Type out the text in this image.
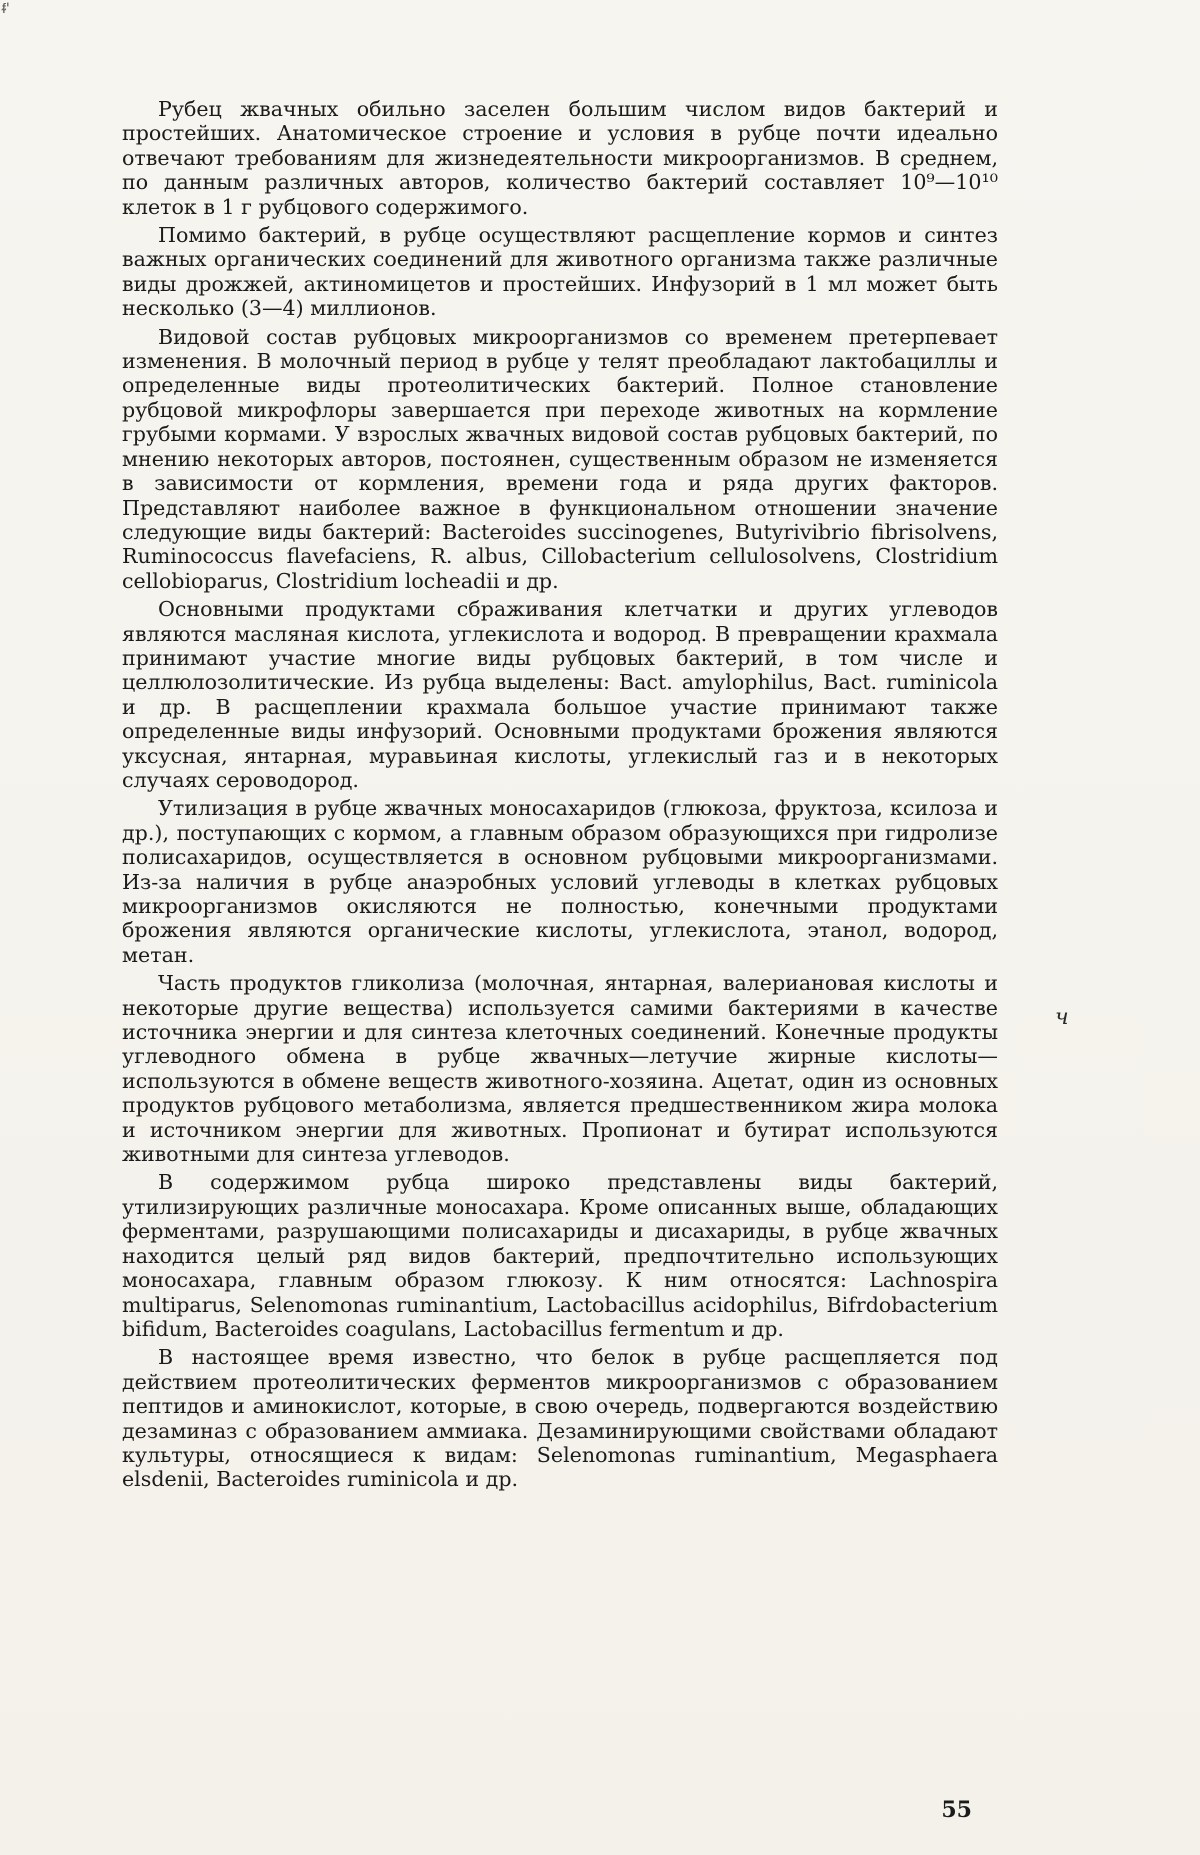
ᵮ'

Рубец жвачных обильно заселен большим числом видов бактерий и простейших. Анатомическое строение и условия в рубце почти идеально отвечают требованиям для жизнедеятельности микроорганизмов. В среднем, по данным различных авторов, количество бактерий составляет 10⁹—10¹⁰ клеток в 1 г рубцового содержимого.

Помимо бактерий, в рубце осуществляют расщепление кормов и синтез важных органических соединений для животного организма также различные виды дрожжей, актиномицетов и простейших. Инфузорий в 1 мл может быть несколько (3—4) миллионов.

Видовой состав рубцовых микроорганизмов со временем претерпевает изменения. В молочный период в рубце у телят преобладают лактобациллы и определенные виды протеолитических бактерий. Полное становление рубцовой микрофлоры завершается при переходе животных на кормление грубыми кормами. У взрослых жвачных видовой состав рубцовых бактерий, по мнению некоторых авторов, постоянен, существенным образом не изменяется в зависимости от кормления, времени года и ряда других факторов. Представляют наиболее важное в функциональном отношении значение следующие виды бактерий: Bacteroides succinogenes, Butyrivibrio fibrisolvens, Ruminococcus flavefaciens, R. albus, Cillobacterium cellulosolvens, Clostridium cellobioparus, Clostridium locheadii и др.

Основными продуктами сбраживания клетчатки и других углеводов являются масляная кислота, углекислота и водород. В превращении крахмала принимают участие многие виды рубцовых бактерий, в том числе и целлюлозолитические. Из рубца выделены: Bact. amylophilus, Bact. ruminicola и др. В расщеплении крахмала большое участие принимают также определенные виды инфузорий. Основными продуктами брожения являются уксусная, янтарная, муравьиная кислоты, углекислый газ и в некоторых случаях сероводород.

Утилизация в рубце жвачных моносахаридов (глюкоза, фруктоза, ксилоза и др.), поступающих с кормом, а главным образом образующихся при гидролизе полисахаридов, осуществляется в основном рубцовыми микроорганизмами. Из-за наличия в рубце анаэробных условий углеводы в клетках рубцовых микроорганизмов окисляются не полностью, конечными продуктами брожения являются органические кислоты, углекислота, этанол, водород, метан.

Часть продуктов гликолиза (молочная, янтарная, валериановая кислоты и некоторые другие вещества) используется самими бактериями в качестве источника энергии и для синтеза клеточных соединений. Конечные продукты углеводного обмена в рубце жвачных—летучие жирные кислоты—используются в обмене веществ животного-хозяина. Ацетат, один из основных продуктов рубцового метаболизма, является предшественником жира молока и источником энергии для животных. Пропионат и бутират используются животными для синтеза углеводов.

В содержимом рубца широко представлены виды бактерий, утилизирующих различные моносахара. Кроме описанных выше, обладающих ферментами, разрушающими полисахариды и дисахариды, в рубце жвачных находится целый ряд видов бактерий, предпочтительно использующих моносахара, главным образом глюкозу. К ним относятся: Lachnospira multiparus, Selenomonas ruminantium, Lactobacillus acidophilus, Bifrdobacterium bifidum, Bacteroides coagulans, Lactobacillus fermentum и др.

В настоящее время известно, что белок в рубце расщепляется под действием протеолитических ферментов микроорганизмов с образованием пептидов и аминокислот, которые, в свою очередь, подвергаются воздействию дезаминаз с образованием аммиака. Дезаминирующими свойствами обладают культуры, относящиеся к видам: Selenomonas ruminantium, Megasphaera elsdenii, Bacteroides ruminicola и др.

ч
55
